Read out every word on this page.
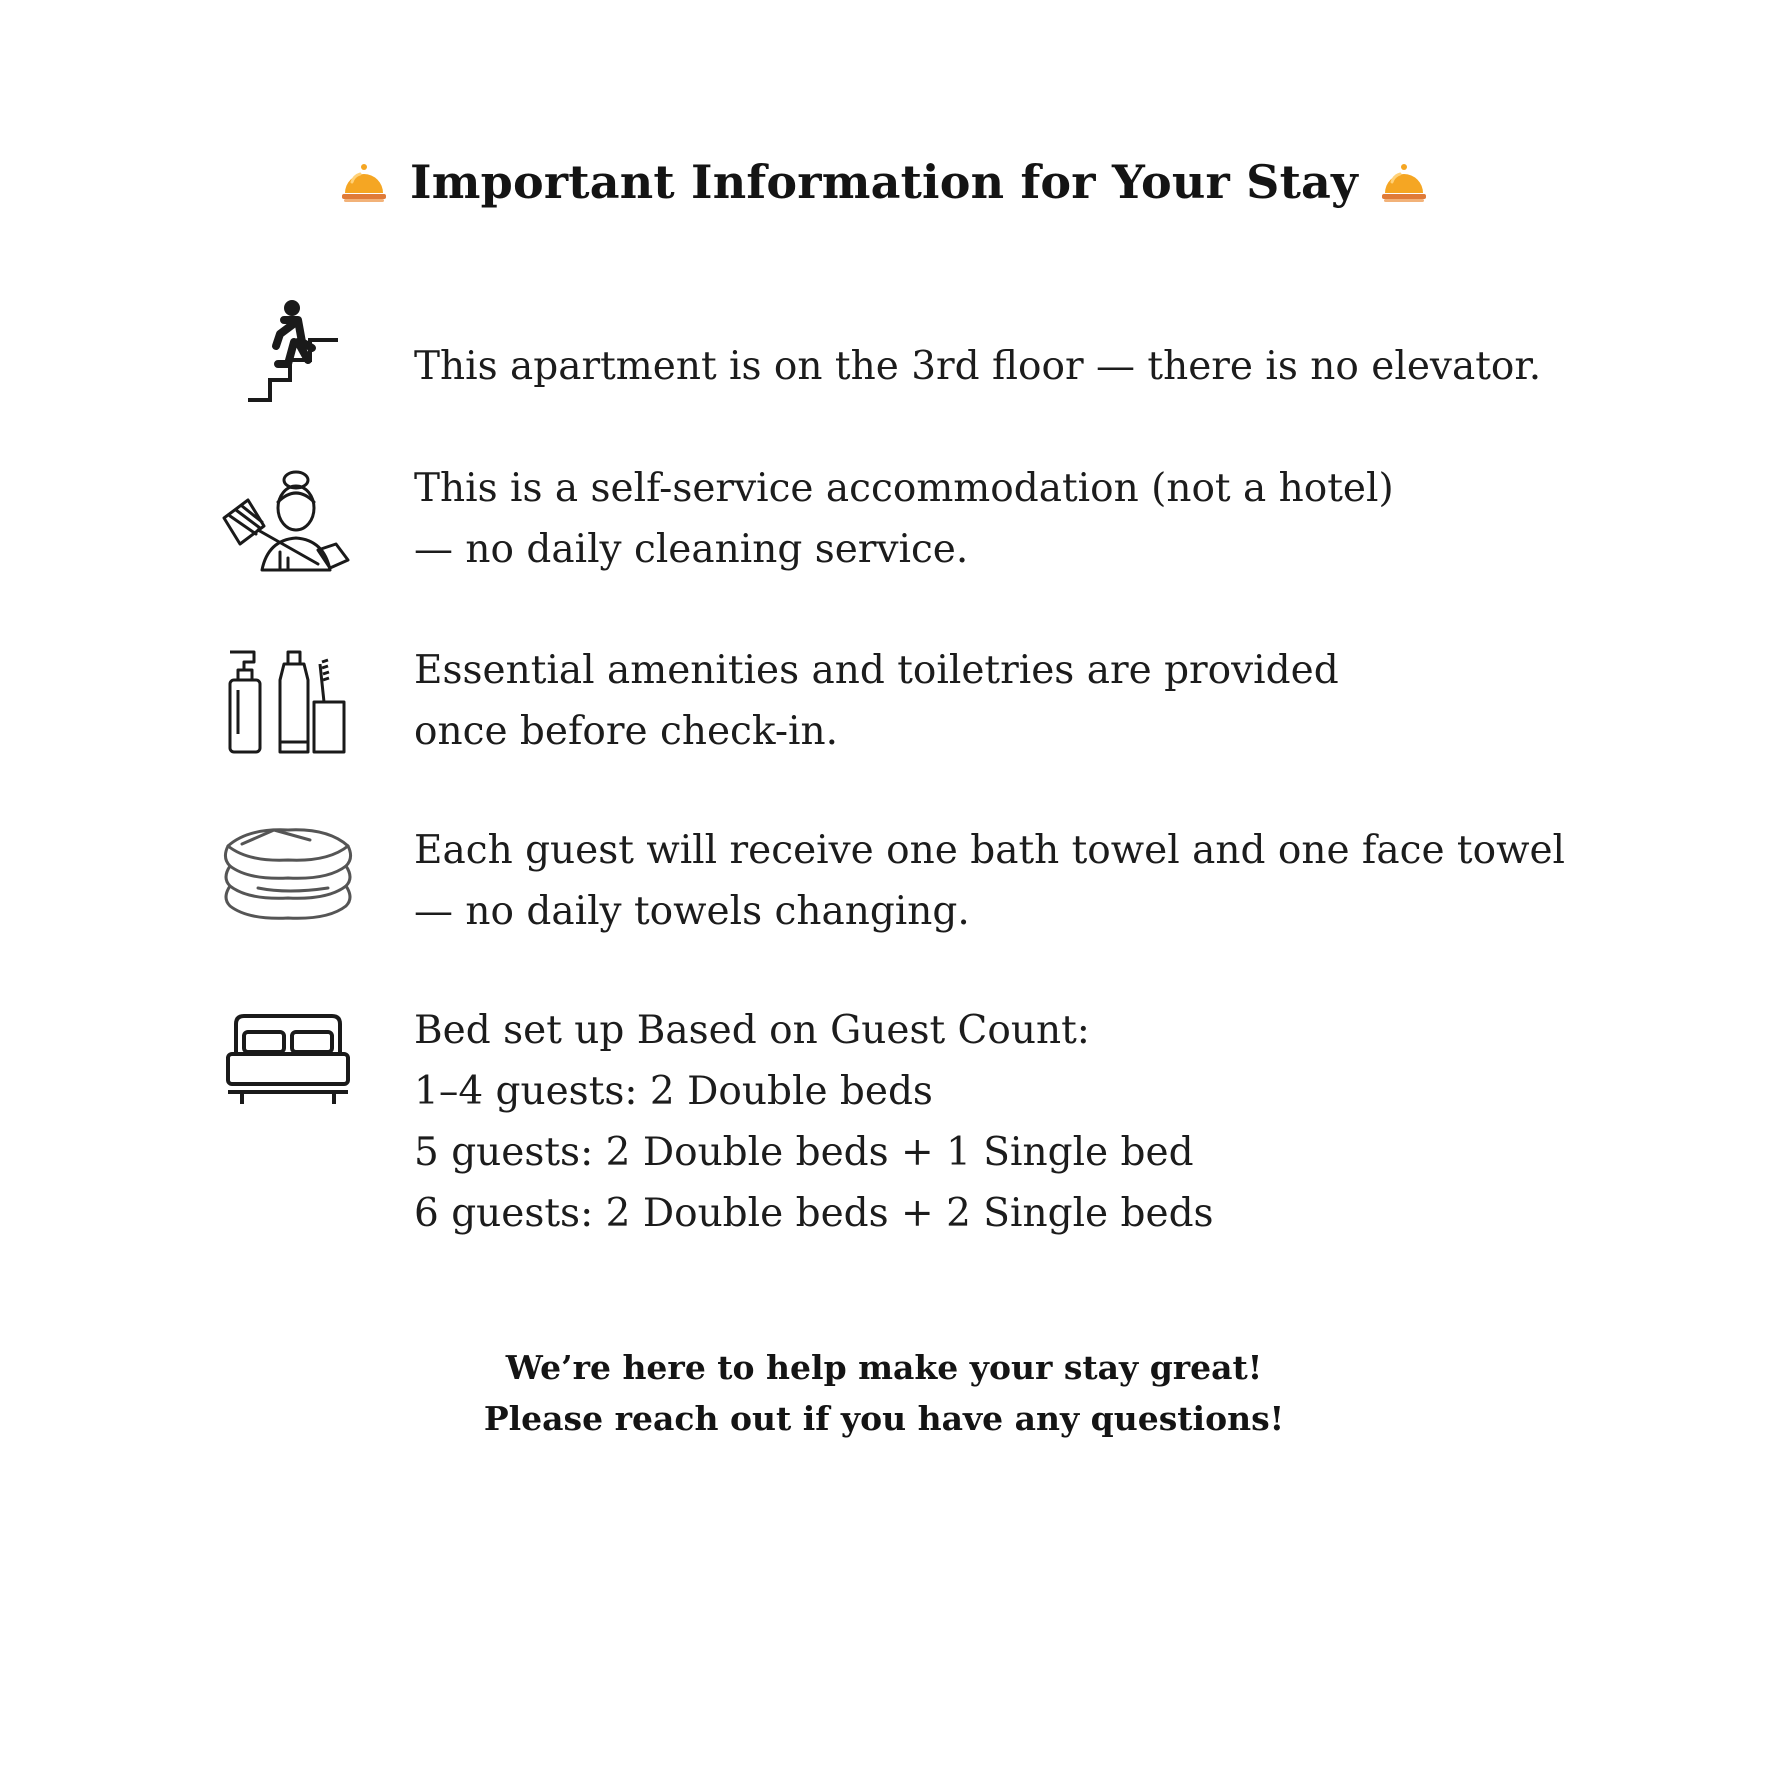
Important Information for Your Stay
This apartment is on the 3rd floor — there is no elevator.
This is a self-service accommodation (not a hotel)
— no daily cleaning service.
Essential amenities and toiletries are provided
once before check-in.
Each guest will receive one bath towel and one face towel
— no daily towels changing.
Bed set up Based on Guest Count:
1–4 guests: 2 Double beds
5 guests: 2 Double beds + 1 Single bed
6 guests: 2 Double beds + 2 Single beds
We’re here to help make your stay great!
Please reach out if you have any questions!
